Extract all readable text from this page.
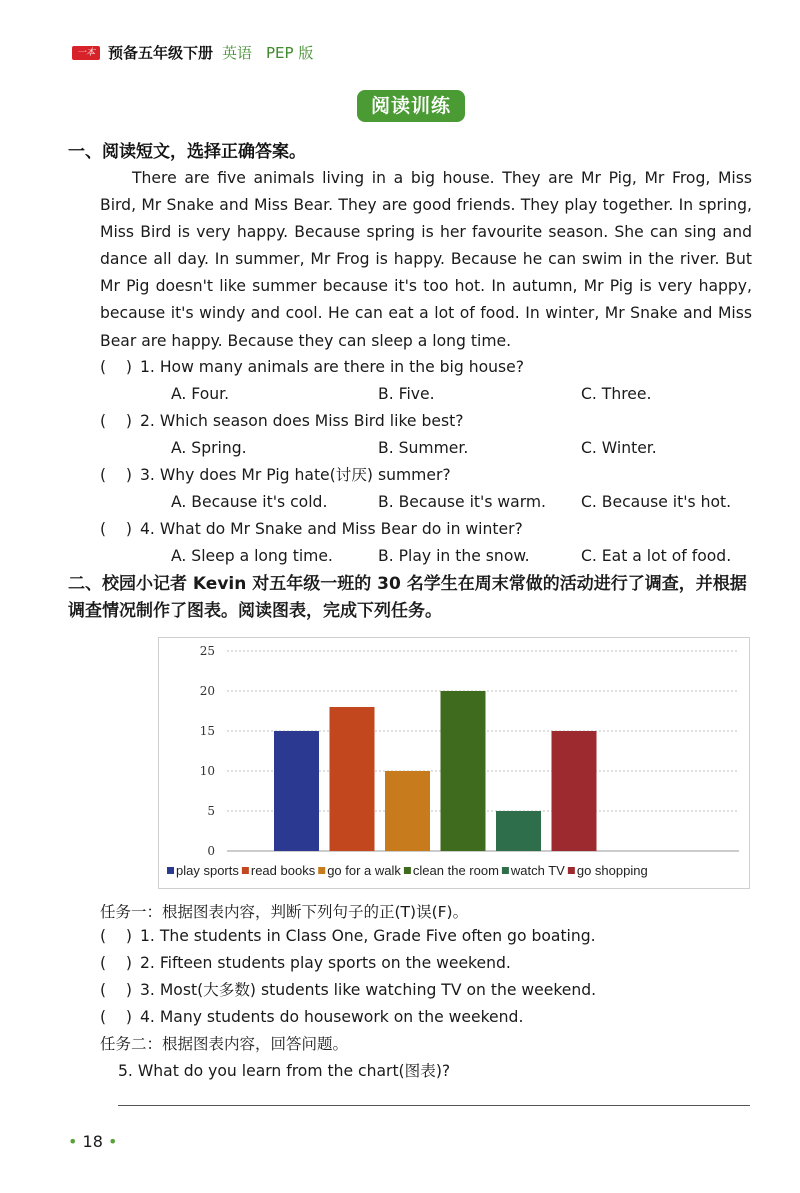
一本 预备五年级下册 英语 PEP 版
阅读训练
一、阅读短文，选择正确答案。

There are five animals living in a big house. They are Mr Pig, Mr Frog, Miss Bird, Mr Snake and Miss Bear. They are good friends. They play together. In spring, Miss Bird is very happy. Because spring is her favourite season. She can sing and dance all day. In summer, Mr Frog is happy. Because he can swim in the river. But Mr Pig doesn't like summer because it's too hot. In autumn, Mr Pig is very happy, because it's windy and cool. He can eat a lot of food. In winter, Mr Snake and Miss Bear are happy. Because they can sleep a long time.

(    ) 1. How many animals are there in the big house?
A. Four.	B. Five.	C. Three.
(    ) 2. Which season does Miss Bird like best?
A. Spring.	B. Summer.	C. Winter.
(    ) 3. Why does Mr Pig hate(讨厌) summer?
A. Because it's cold.	B. Because it's warm. C. Because it's hot.
(    ) 4. What do Mr Snake and Miss Bear do in winter?
A. Sleep a long time.	B. Play in the snow.	C. Eat a lot of food.
二、校园小记者 Kevin 对五年级一班的 30 名学生在周末常做的活动进行了调查，并根据调查情况制作了图表。阅读图表，完成下列任务。
0
5
10
15
20
25
play sports read books go for a walk clean the room watch TV go shopping
任务一：根据图表内容，判断下列句子的正(T)误(F)。
(    ) 1. The students in Class One, Grade Five often go boating.
(    ) 2. Fifteen students play sports on the weekend.
(    ) 3. Most(大多数) students like watching TV on the weekend.
(    ) 4. Many students do housework on the weekend.
任务二：根据图表内容，回答问题。
5. What do you learn from the chart(图表)?
• 18 •
